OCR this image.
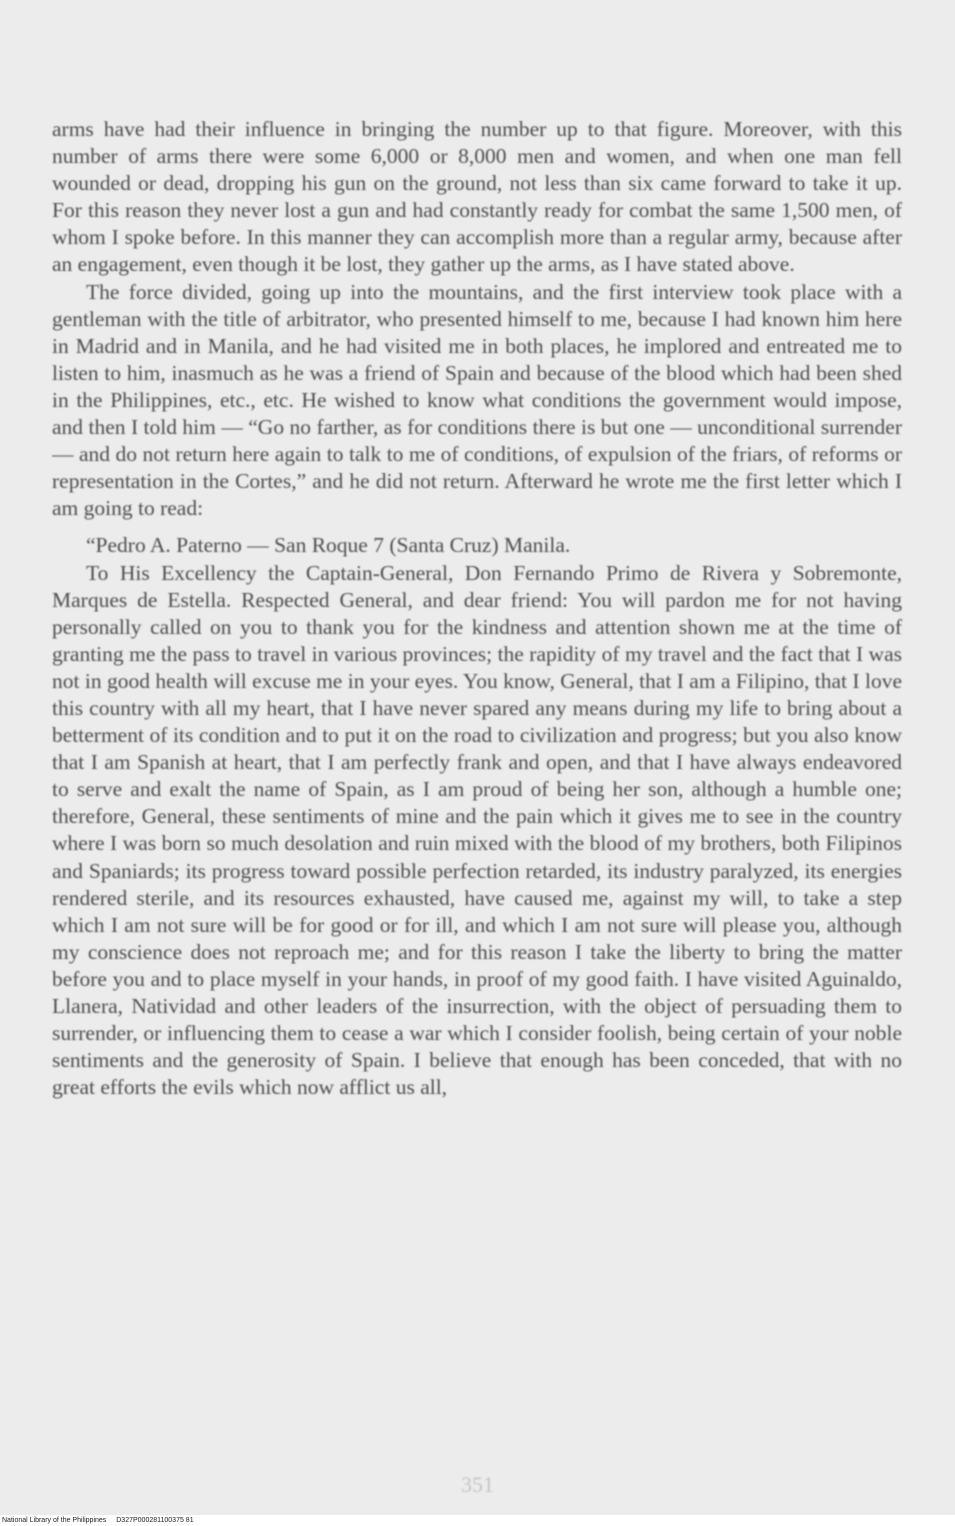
arms have had their influence in bringing the number up to that figure. Moreover, with this number of arms there were some 6,000 or 8,000 men and women, and when one man fell wounded or dead, dropping his gun on the ground, not less than six came forward to take it up. For this reason they never lost a gun and had constantly ready for combat the same 1,500 men, of whom I spoke before. In this manner they can accomplish more than a regular army, because after an engagement, even though it be lost, they gather up the arms, as I have stated above.

The force divided, going up into the mountains, and the first interview took place with a gentleman with the title of arbitrator, who presented himself to me, because I had known him here in Madrid and in Manila, and he had visited me in both places, he implored and entreated me to listen to him, inasmuch as he was a friend of Spain and because of the blood which had been shed in the Philippines, etc., etc. He wished to know what conditions the government would impose, and then I told him — “Go no farther, as for conditions there is but one — unconditional surrender — and do not return here again to talk to me of conditions, of expulsion of the friars, of reforms or representation in the Cortes,” and he did not return. Afterward he wrote me the first letter which I am going to read:

“Pedro A. Paterno — San Roque 7 (Santa Cruz) Manila.

To His Excellency the Captain-General, Don Fernando Primo de Rivera y Sobremonte, Marques de Estella. Respected General, and dear friend: You will pardon me for not having personally called on you to thank you for the kindness and attention shown me at the time of granting me the pass to travel in various provinces; the rapidity of my travel and the fact that I was not in good health will excuse me in your eyes. You know, General, that I am a Filipino, that I love this country with all my heart, that I have never spared any means during my life to bring about a betterment of its condition and to put it on the road to civilization and progress; but you also know that I am Spanish at heart, that I am perfectly frank and open, and that I have always endeavored to serve and exalt the name of Spain, as I am proud of being her son, although a humble one; therefore, General, these sentiments of mine and the pain which it gives me to see in the country where I was born so much desolation and ruin mixed with the blood of my brothers, both Filipinos and Spaniards; its progress toward possible perfection retarded, its industry paralyzed, its energies rendered sterile, and its resources exhausted, have caused me, against my will, to take a step which I am not sure will be for good or for ill, and which I am not sure will please you, although my conscience does not reproach me; and for this reason I take the liberty to bring the matter before you and to place myself in your hands, in proof of my good faith. I have visited Aguinaldo, Llanera, Natividad and other leaders of the insurrection, with the object of persuading them to surrender, or influencing them to cease a war which I consider foolish, being certain of your noble sentiments and the generosity of Spain. I believe that enough has been conceded, that with no great efforts the evils which now afflict us all,

351
National Library of the Philippines D327P000281100375 81
